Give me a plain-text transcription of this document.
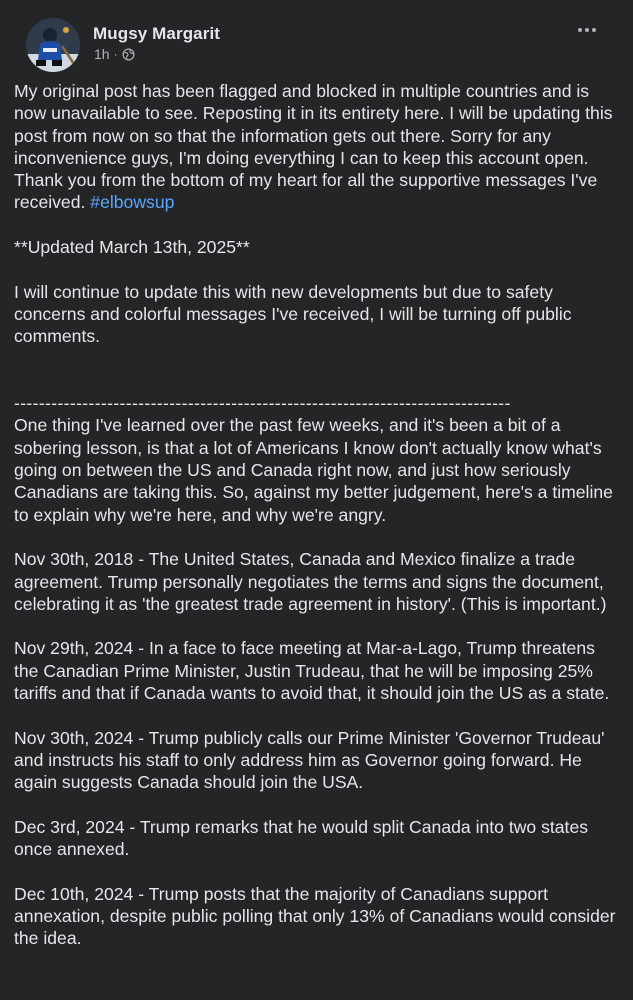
Mugsy Margarit
1h ·

My original post has been flagged and blocked in multiple countries and is now unavailable to see. Reposting it in its entirety here. I will be updating this post from now on so that the information gets out there. Sorry for any inconvenience guys, I'm doing everything I can to keep this account open. Thank you from the bottom of my heart for all the supportive messages I've received. #elbowsup

**Updated March 13th, 2025**

I will continue to update this with new developments but due to safety concerns and colorful messages I've received, I will be turning off public comments.

--------------------------------------------------------------------------------

One thing I've learned over the past few weeks, and it's been a bit of a sobering lesson, is that a lot of Americans I know don't actually know what's going on between the US and Canada right now, and just how seriously Canadians are taking this. So, against my better judgement, here's a timeline to explain why we're here, and why we're angry.

Nov 30th, 2018 - The United States, Canada and Mexico finalize a trade agreement. Trump personally negotiates the terms and signs the document, celebrating it as 'the greatest trade agreement in history'. (This is important.)

Nov 29th, 2024 - In a face to face meeting at Mar-a-Lago, Trump threatens the Canadian Prime Minister, Justin Trudeau, that he will be imposing 25% tariffs and that if Canada wants to avoid that, it should join the US as a state.

Nov 30th, 2024 - Trump publicly calls our Prime Minister 'Governor Trudeau' and instructs his staff to only address him as Governor going forward. He again suggests Canada should join the USA.

Dec 3rd, 2024 - Trump remarks that he would split Canada into two states once annexed.

Dec 10th, 2024 - Trump posts that the majority of Canadians support annexation, despite public polling that only 13% of Canadians would consider the idea.
